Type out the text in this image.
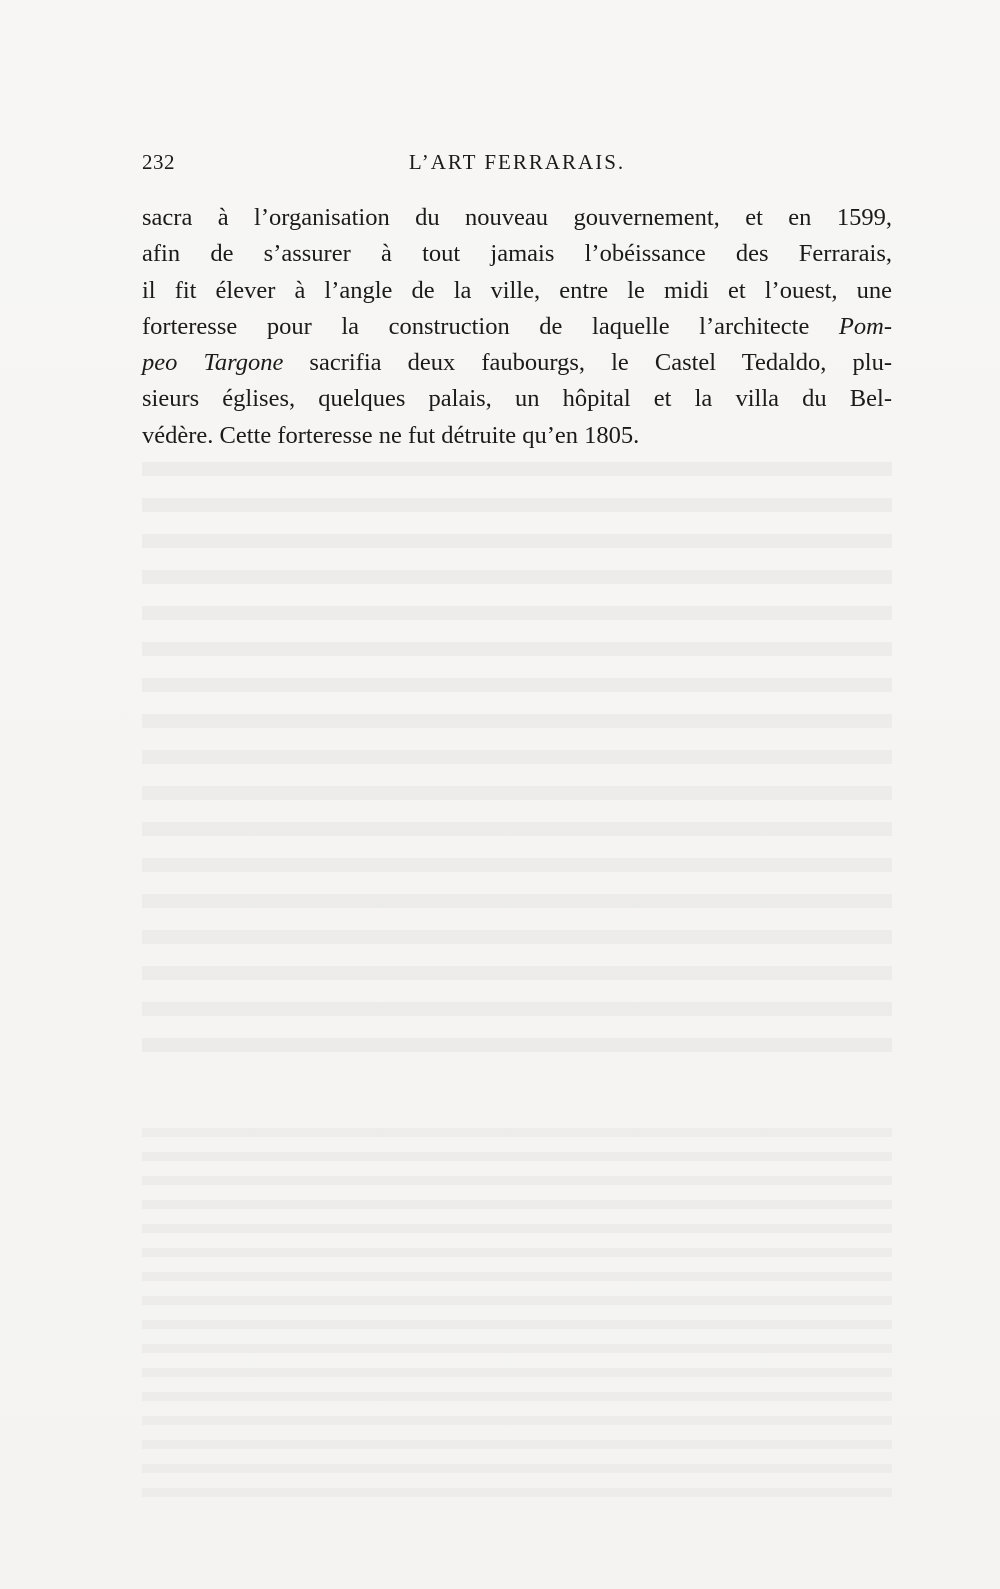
232	L’ART FERRARAIS.

sacra à l’organisation du nouveau gouvernement, et en 1599,
afin de s’assurer à tout jamais l’obéissance des Ferrarais,
il fit élever à l’angle de la ville, entre le midi et l’ouest, une
forteresse pour la construction de laquelle l’architecte Pom-
peo Targone sacrifia deux faubourgs, le Castel Tedaldo, plu-
sieurs églises, quelques palais, un hôpital et la villa du Bel-
védère. Cette forteresse ne fut détruite qu’en 1805.
